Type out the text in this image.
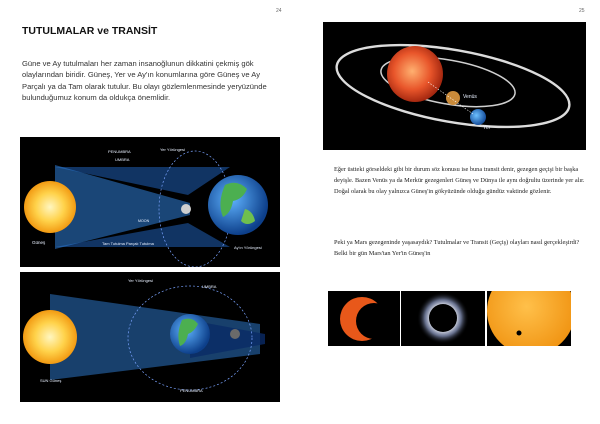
24
TUTULMALAR ve TRANSİT

Güne ve Ay tutulmaları her zaman insanoğlunun dikkatini çekmiş gök olaylarından biridir. Güneş, Yer ve Ay'ın konumlarına göre Güneş ve Ay Parçalı ya da Tam olarak tutulur. Bu olayı gözlemlenmesinde yeryüzünde bulunduğumuz konum da oldukça önemlidir.

PENUMBRA
UMBRA
Yer Yörüngesi
MOON
Güneş	Tam Tutulma Parçalı Tutulma
Ay'ın Yörüngesi
Yer Yörüngesi
UMBRA
PENUMBRA
SUN Güneş
25
Venüs
Yer

Eğer üstteki görseldeki gibi bir durum söz konusu ise buna transit denir, gezegen geçişi bir başka deyişle. Bazen Venüs ya da Merkür gezegenleri Güneş ve Dünya ile aynı doğrultu üzerinde yer alır. Doğal olarak bu olay yalnızca Güneş'in gökyüzünde olduğu gündüz vaktinde gözlenir.

Peki ya Mars gezegeninde yaşasaydık? Tutulmalar ve Transit (Geçiş) olayları nasıl gerçekleşirdi? Belki bir gün Mars'tan Yer'in Güneş'in
